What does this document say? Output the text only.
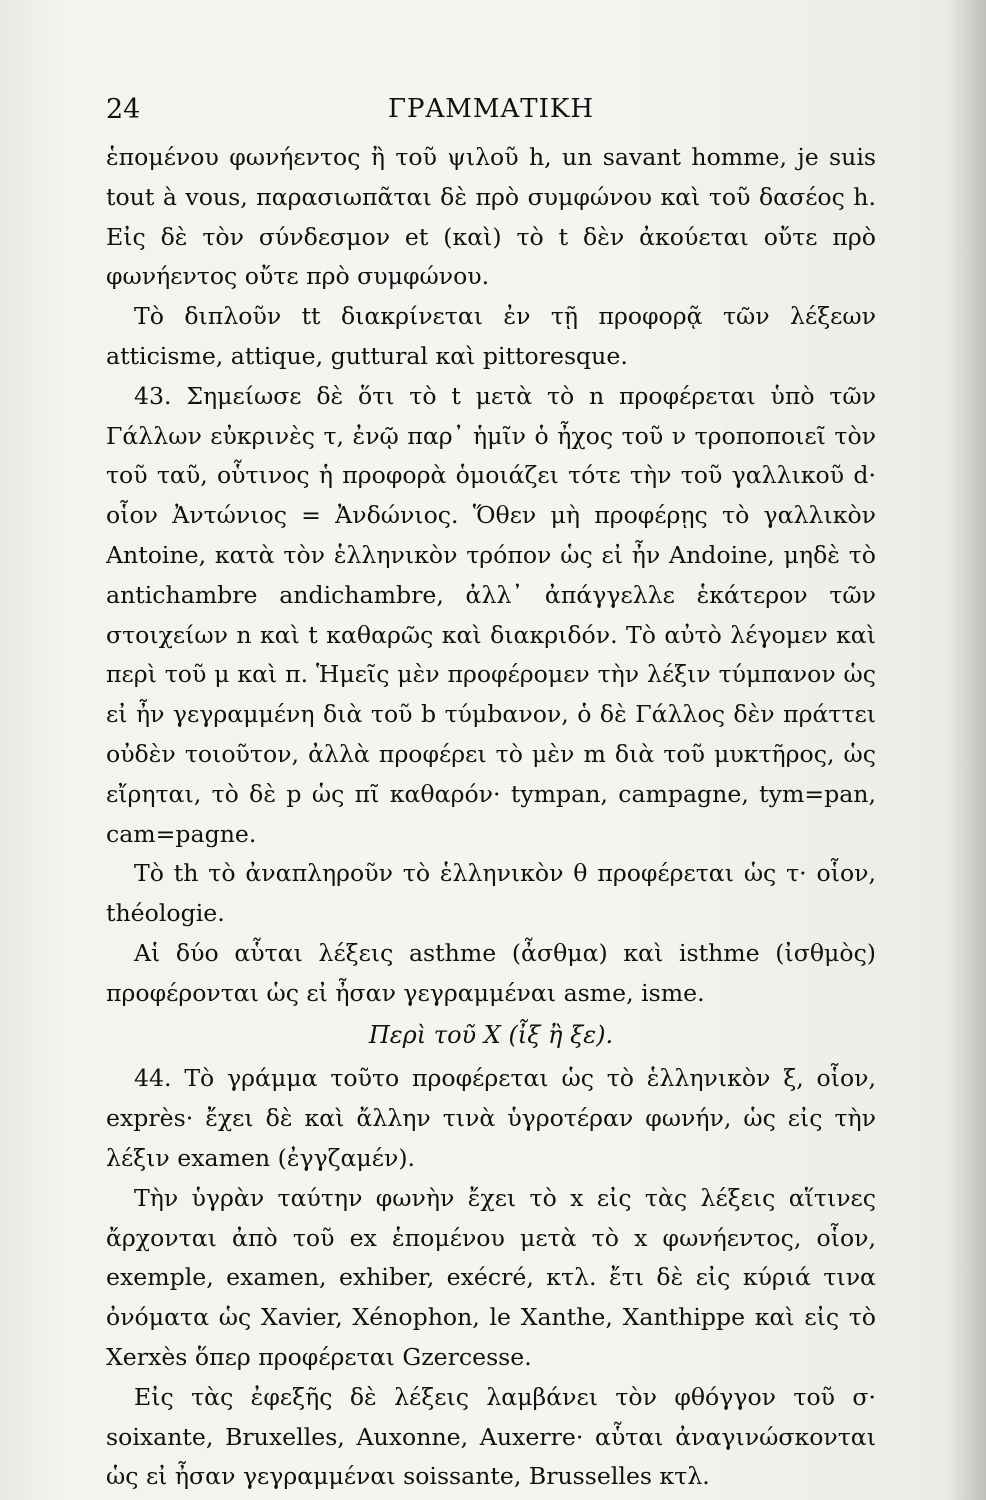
24	ΓΡΑΜΜΑΤΙΚΗ

ἑπομένου φωνήεντος ἢ τοῦ ψιλοῦ h, un savant homme, je suis tout à vous, παρασιωπᾶται δὲ πρὸ συμφώνου καὶ τοῦ δασέος h. Εἰς δὲ τὸν σύνδεσμον et (καὶ) τὸ t δὲν ἀκούεται οὔτε πρὸ φωνήεντος οὔτε πρὸ συμφώνου.

Τὸ διπλοῦν tt διακρίνεται ἐν τῇ προφορᾷ τῶν λέξεων atticisme, attique, guttural καὶ pittoresque.

43. Σημείωσε δὲ ὅτι τὸ t μετὰ τὸ n προφέρεται ὑπὸ τῶν Γάλλων εὐκρινὲς τ, ἐνῷ παρ᾽ ἡμῖν ὁ ἦχος τοῦ ν τροποποιεῖ τὸν τοῦ ταῦ, οὗτινος ἡ προφορὰ ὁμοιάζει τότε τὴν τοῦ γαλλικοῦ d· οἷον Ἀντώνιος = Ἀνδώνιος. Ὅθεν μὴ προφέρῃς τὸ γαλλικὸν Antoine, κατὰ τὸν ἑλληνικὸν τρόπον ὡς εἰ ἦν Andoine, μηδὲ τὸ antichambre andichambre, ἀλλ᾽ ἀπάγγελλε ἑκάτερον τῶν στοιχείων n καὶ t καθαρῶς καὶ διακριδόν. Τὸ αὐτὸ λέγομεν καὶ περὶ τοῦ μ καὶ π. Ἡμεῖς μὲν προφέρομεν τὴν λέξιν τύμπανον ὡς εἰ ἦν γεγραμμένη διὰ τοῦ b τύμbανον, ὁ δὲ Γάλλος δὲν πράττει οὐδὲν τοιοῦτον, ἀλλὰ προφέρει τὸ μὲν m διὰ τοῦ μυκτῆρος, ὡς εἴρηται, τὸ δὲ p ὡς πῖ καθαρόν· tympan, campagne, tym=pan, cam=pagne.

Τὸ th τὸ ἀναπληροῦν τὸ ἑλληνικὸν θ προφέρεται ὡς τ· οἷον, théologie.

Αἱ δύο αὗται λέξεις asthme (ἆσθμα) καὶ isthme (ἰσθμὸς) προφέρονται ὡς εἰ ἦσαν γεγραμμέναι asme, isme.

Περὶ τοῦ X (ἶξ ἢ ξε).

44. Τὸ γράμμα τοῦτο προφέρεται ὡς τὸ ἑλληνικὸν ξ, οἷον, exprès· ἔχει δὲ καὶ ἄλλην τινὰ ὑγροτέραν φωνήν, ὡς εἰς τὴν λέξιν examen (ἐγγζαμέν).

Τὴν ὑγρὰν ταύτην φωνὴν ἔχει τὸ x εἰς τὰς λέξεις αἵτινες ἄρχονται ἀπὸ τοῦ ex ἑπομένου μετὰ τὸ x φωνήεντος, οἷον, exemple, examen, exhiber, exécré, κτλ. ἔτι δὲ εἰς κύριά τινα ὀνόματα ὡς Xavier, Xénophon, le Xanthe, Xanthippe καὶ εἰς τὸ Xerxès ὅπερ προφέρεται Gzercesse.

Εἰς τὰς ἐφεξῆς δὲ λέξεις λαμβάνει τὸν φθόγγον τοῦ σ· soixante, Bruxelles, Auxonne, Auxerre· αὗται ἀναγινώσκονται ὡς εἰ ἦσαν γεγραμμέναι soissante, Brusselles κτλ.
